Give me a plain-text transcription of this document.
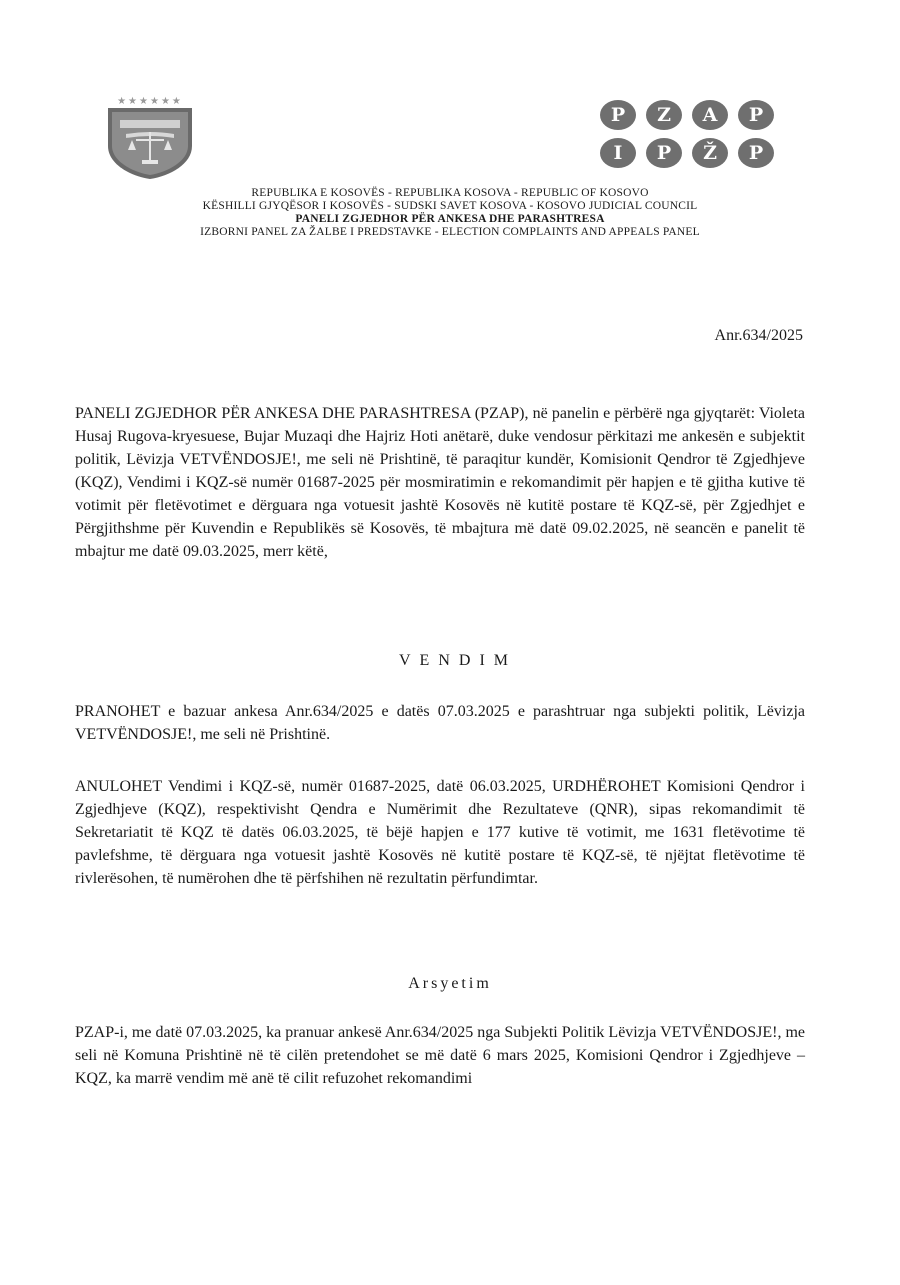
★★★★★★
P	Z	A	P
I	P	Ž	P
REPUBLIKA E KOSOVËS - REPUBLIKA KOSOVA - REPUBLIC OF KOSOVO
KËSHILLI GJYQËSOR I KOSOVËS - SUDSKI SAVET KOSOVA - KOSOVO JUDICIAL COUNCIL
PANELI ZGJEDHOR PËR ANKESA DHE PARASHTRESA
IZBORNI PANEL ZA ŽALBE I PREDSTAVKE - ELECTION COMPLAINTS AND APPEALS PANEL
Anr.634/2025
PANELI ZGJEDHOR PËR ANKESA DHE PARASHTRESA (PZAP), në panelin e përbërë nga gjyqtarët: Violeta Husaj Rugova-kryesuese, Bujar Muzaqi dhe Hajriz Hoti anëtarë, duke vendosur përkitazi me ankesën e subjektit politik, Lëvizja VETVËNDOSJE!, me seli në Prishtinë, të paraqitur kundër, Komisionit Qendror të Zgjedhjeve (KQZ), Vendimi i KQZ-së numër 01687-2025 për mosmiratimin e rekomandimit për hapjen e të gjitha kutive të votimit për fletëvotimet e dërguara nga votuesit jashtë Kosovës në kutitë postare të KQZ-së, për Zgjedhjet e Përgjithshme për Kuvendin e Republikës së Kosovës, të mbajtura më datë 09.02.2025, në seancën e panelit të mbajtur me datë 09.03.2025, merr këtë,
VENDIM
PRANOHET e bazuar ankesa Anr.634/2025 e datës 07.03.2025 e parashtruar nga subjekti politik, Lëvizja VETVËNDOSJE!, me seli në Prishtinë.
ANULOHET Vendimi i KQZ-së, numër 01687-2025, datë 06.03.2025, URDHËROHET Komisioni Qendror i Zgjedhjeve (KQZ), respektivisht Qendra e Numërimit dhe Rezultateve (QNR), sipas rekomandimit të Sekretariatit të KQZ të datës 06.03.2025, të bëjë hapjen e 177 kutive të votimit, me 1631 fletëvotime të pavlefshme, të dërguara nga votuesit jashtë Kosovës në kutitë postare të KQZ-së, të njëjtat fletëvotime të rivlerësohen, të numërohen dhe të përfshihen në rezultatin përfundimtar.
Arsyetim
PZAP-i, me datë 07.03.2025, ka pranuar ankesë Anr.634/2025 nga Subjekti Politik Lëvizja VETVËNDOSJE!, me seli në Komuna Prishtinë në të cilën pretendohet se më datë 6 mars 2025, Komisioni Qendror i Zgjedhjeve – KQZ, ka marrë vendim më anë të cilit refuzohet rekomandimi
